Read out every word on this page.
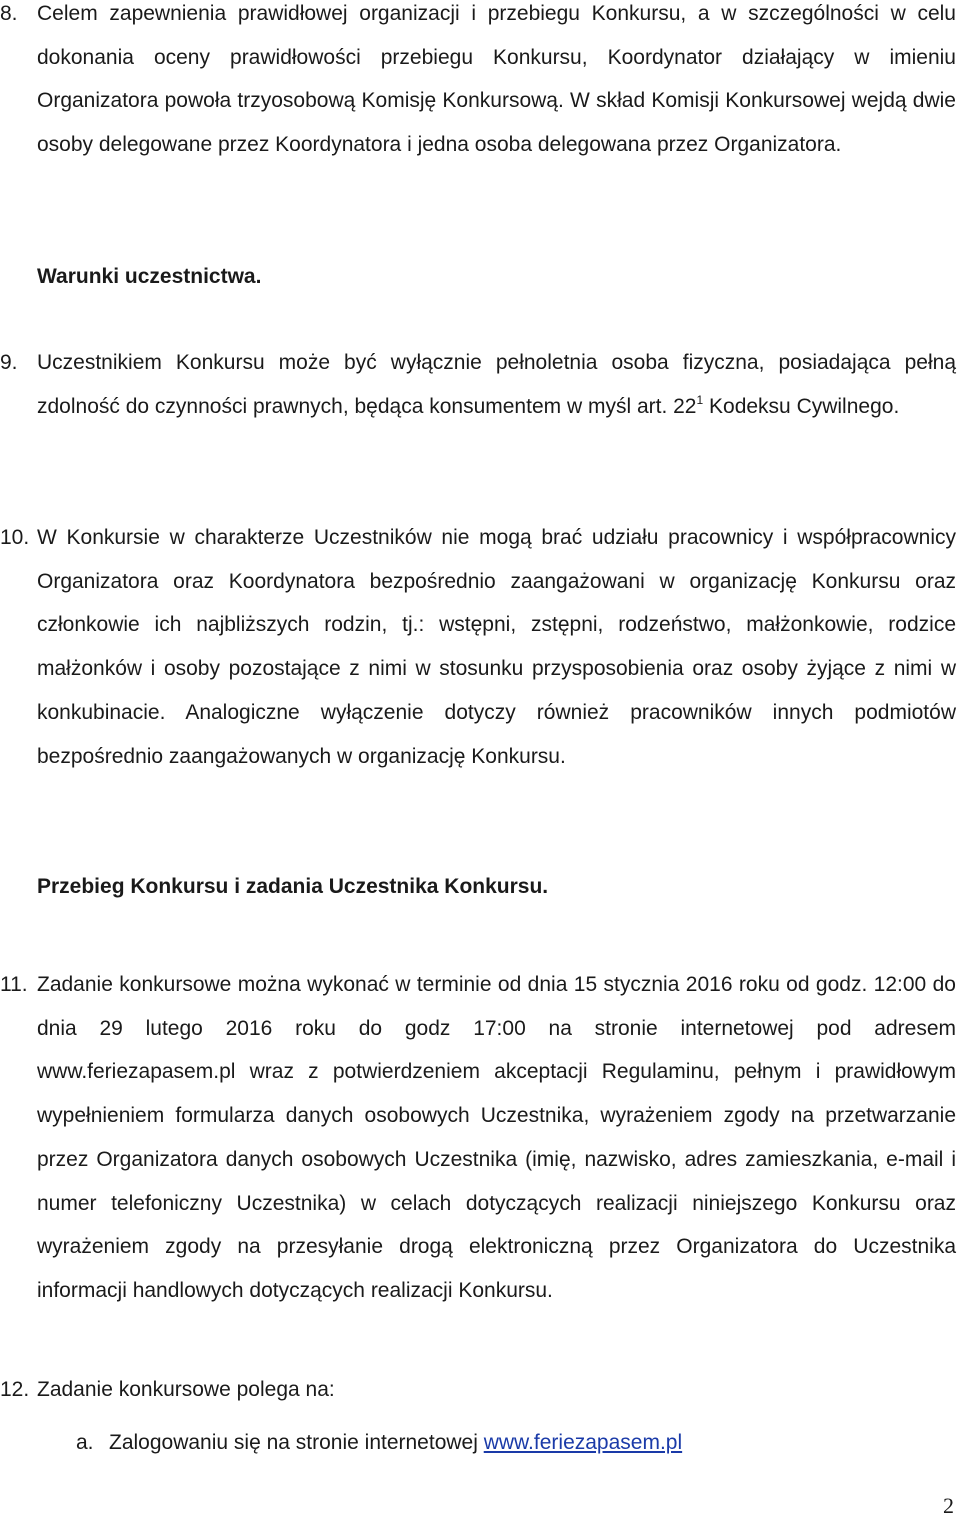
8. Celem zapewnienia prawidłowej organizacji i przebiegu Konkursu, a w szczególności w celu dokonania oceny prawidłowości przebiegu Konkursu, Koordynator działający w imieniu Organizatora powoła trzyosobową Komisję Konkursową. W skład Komisji Konkursowej wejdą dwie osoby delegowane przez Koordynatora i jedna osoba delegowana przez Organizatora.
Warunki uczestnictwa.
9. Uczestnikiem Konkursu może być wyłącznie pełnoletnia osoba fizyczna, posiadająca pełną zdolność do czynności prawnych, będąca konsumentem w myśl art. $22^1$ Kodeksu Cywilnego.
10. W Konkursie w charakterze Uczestników nie mogą brać udziału pracownicy i współpracownicy Organizatora oraz Koordynatora bezpośrednio zaangażowani w organizację Konkursu oraz członkowie ich najbliższych rodzin, tj.: wstępni, zstępni, rodzeństwo, małżonkowie, rodzice małżonków i osoby pozostające z nimi w stosunku przysposobienia oraz osoby żyjące z nimi w konkubinacie. Analogiczne wyłączenie dotyczy również pracowników innych podmiotów bezpośrednio zaangażowanych w organizację Konkursu.
Przebieg Konkursu i zadania Uczestnika Konkursu.
11. Zadanie konkursowe można wykonać w terminie od dnia 15 stycznia 2016 roku od godz. 12:00 do dnia 29 lutego 2016 roku do godz 17:00 na stronie internetowej pod adresem www.feriezapasem.pl wraz z potwierdzeniem akceptacji Regulaminu, pełnym i prawidłowym wypełnieniem formularza danych osobowych Uczestnika, wyrażeniem zgody na przetwarzanie przez Organizatora danych osobowych Uczestnika (imię, nazwisko, adres zamieszkania, e-mail i numer telefoniczny Uczestnika) w celach dotyczących realizacji niniejszego Konkursu oraz wyrażeniem zgody na przesyłanie drogą elektroniczną przez Organizatora do Uczestnika informacji handlowych dotyczących realizacji Konkursu.
12. Zadanie konkursowe polega na:
a. Zalogowaniu się na stronie internetowej www.feriezapasem.pl
2
